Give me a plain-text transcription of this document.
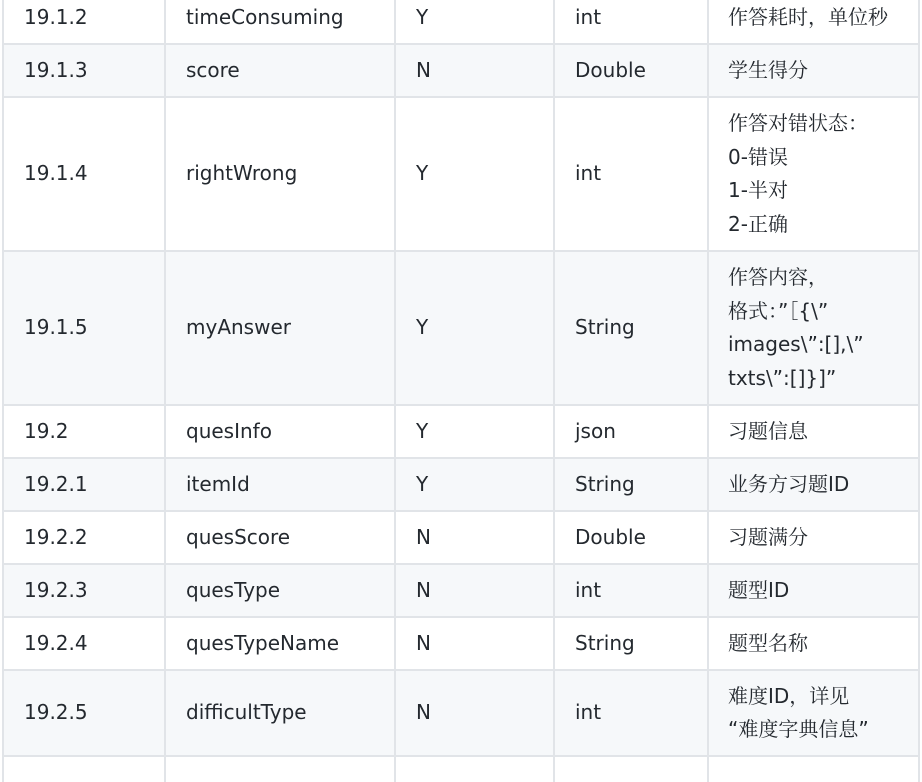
19.1.2	timeConsuming	Y	int	作答耗时，单位秒

19.1.3	score	N	Double	学生得分

19.1.4	rightWrong	Y	int	作答对错状态：
0-错误
1-半对
2-正确

19.1.5	myAnswer	Y	String	作答内容，
格式：”［{\”
images\”:[],\”
txts\”:[]}]”

19.2	quesInfo	Y	json	习题信息

19.2.1	itemId	Y	String	业务方习题ID

19.2.2	quesScore	N	Double	习题满分

19.2.3	quesType	N	int	题型ID

19.2.4	quesTypeName	N	String	题型名称

19.2.5	difficultType	N	int	难度ID，详见
“难度字典信息”
